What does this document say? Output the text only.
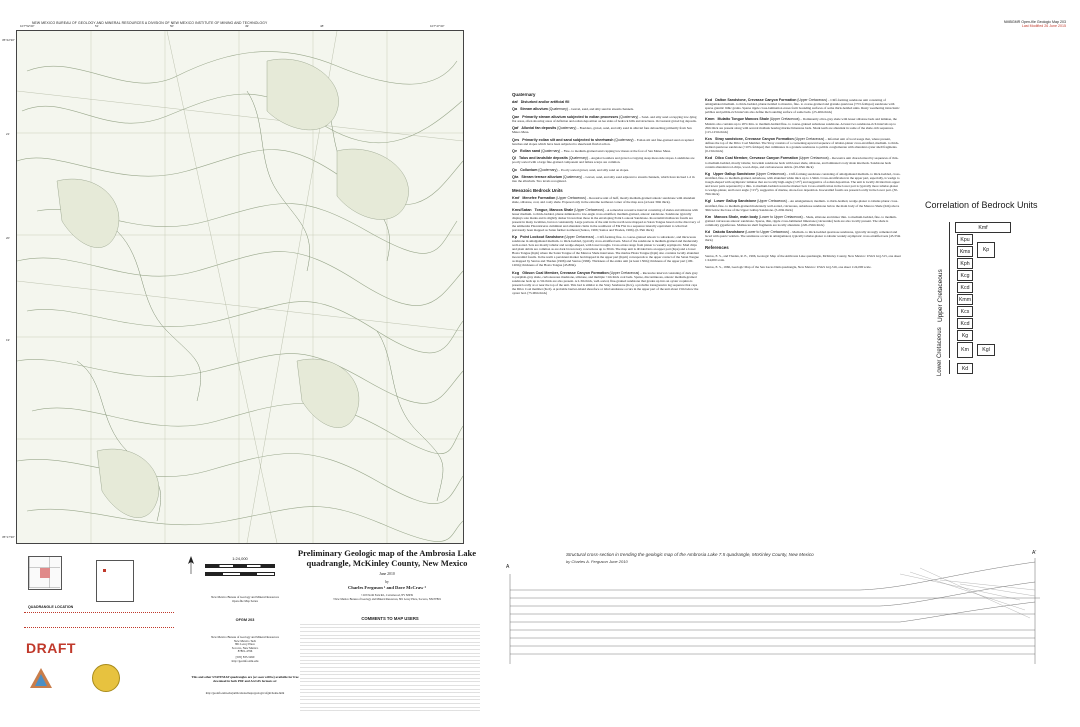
NEW MEXICO BUREAU OF GEOLOGY AND MINERAL RESOURCES A DIVISION OF NEW MEXICO INSTITUTE OF MINING AND TECHNOLOGY	NMBGMR Open-file Geologic Map 203
Last Modified 26 June 2015
107°52'30"	51'	50'	49'	48'	107°47'30"
35°22'30"
21'
20'
19'
35°17'30"
QUADRANGLE LOCATION
1:24,000
DRAFT
Preliminary Geologic map of the Ambrosia Lake
quadrangle, McKinley County, New Mexico
June 2010
by
Charles Ferguson ¹ and Dave McCraw ²
¹ 218 North Fork Rd., Cottonwood, NV 82939
² New Mexico Bureau of Geology and Mineral Resources, 801 Leroy Place, Socorro, NM 87801
New Mexico Bureau of Geology and Mineral Resources
Open-file Map Series
OFGM 203
New Mexico Bureau of Geology and Mineral Resources
New Mexico Tech
801 Leroy Place
Socorro, New Mexico
87801-4796
[505] 835-5490
http://geoinfo.nmt.edu
This and other STATEMAP quadrangles are (or soon will be) available for free download in both PDF and ArcGIS formats at:
http://geoinfo.nmt.edu/publications/maps/geologic/ofgm/home.html
COMMENTS TO MAP USERS
Quaternary
daf Disturbed and/or artificial fill
Qa Stream alluvium (Quaternary) – Gravel, sand, and silty sand in stream channels.
Qae Primarily stream alluvium subjected to eolian processes (Quaternary) – Sand- and silty sand occupying low-lying flat areas, often showing areas of deflation and eolian deposition on lee sides of bedrock hills and structures. Occasional gravel lag deposits.
Qaf Alluvial fan deposits (Quaternary) – Boulders, gravel, sand, and silty sand in alluvial fans debouching primarily from San Mateo Mesa.
Qes Primarily eolian silt and sand subjected to sheetwash (Quaternary) – Eolian silt and fine-grained sand on upland benches and slopes which have been subjected to sheetwash fluvial action.
Qe Eolian sand (Quaternary) – Fine- to medium-grained sand capping low mesas at the foot of San Mateo Mesa.
Ql Talus and landslide deposits (Quaternary) – Angular boulders and gravel occupying steep mesa side slopes. Landslides are poorly sorted with a large fine-grained component and failure scarps are common.
Qc Colluvium (Quaternary) – Poorly sorted gravel, sand, and silty sand on slopes.
Qta Stream terrace alluvium (Quaternary) – Gravel, sand, and silty sand adjacent to stream channels, which have incised 1-2 m into the alluvium. Two levels recognized.
Mesozoic Bedrock Units
Kmf Menefee Formation (Upper Cretaceous) – Recessive unit of buff, mostly medium-grained arkosic sandstone with abundant shale, siltstone, coal, and coaly shale. Exposed only in the extreme northeast corner of the map area (at least 30m thick).
Kms/Satan Tongue, Mancos Shale (Upper Cretaceous) – A somewhat recessive interval consisting of shales and siltstone with lesser medium- to thick-bedded, planar-laminated to low-angle cross-stratified, medium-grained, arkosic sandstone. Sandstone typically displays sole marks and is slightly darker brown than those in the enveloping Point Lookout Sandstone. Inoceramid molluscan fossils are present in many localities, but not consistently. Large portions of the unit in the north were mapped as Satan Tongue based on the discovery of the ammonite Placenticeras cumminsi and abundant clams in the southwest of Elk Flat in a sequence laterally equivalent to what had previously been mapped as Satan further northeast (Santos, 1966; Santos and Thaden, 1966). (0-35m thick)
Kp Point Lookout Sandstone (Upper Cretaceous) – Cliff-forming fine- to coarse-grained arkosic to subarkosic, and micaceous sandstone in amalgamated medium- to thick-bedded, typically cross-stratified sets. Most of the sandstone is medium-grained and moderately well-sorted. Sets are mostly tabular and wedge-shaped, with lower troughs. Cross-strata range from planar to weakly asymptotic. Mud chips and plant debris are common as are dark brown rusty concretions up to 30cm. The map unit is divided into an upper part (Kpu) and a lower Hosta Tongue (Kph) where the Satan Tongue of the Mancos Shale intervenes. The marine Hosta Tongue (Kph) also contains locally abundant inoceramid fossils. In the north a persistent marker bed mapped in the upper part (Kpm) corresponds to the upper contact of the Satan Tongue as mapped by Santos and Thaden (1966) and Santos (1966). Thickness of the entire unit (at least 150m); thickness of the upper part (100-120m); thickness of the Hosta Tongue (45-80m).
Kcg Gibson Coal Member, Crevasse Canyon Formation (Upper Cretaceous) – Recessive interval consisting of dark gray to purplish-gray shale, carbonaceous mudstone, siltstone, and multiple <1m thick coal beds. Sparse, discontinuous, arkosic medium-grained sandstone beds up to 5m thick are also present. A 2-3m thick, well-sorted, fine-grained sandstone that grades up into an oyster coquina is present locally at or near the top of the unit. This bed is similar to the Stray Sandstone (Kcs), a probable transgressive lag sequence that caps the Dilco Coal member (Kcd). A probable barrier-island shoreface or tidal sandstone occurs in the upper part of the unit about 15m below the oyster bed. (75-90m thick)
Kcd Dalton Sandstone, Crevasse Canyon Formation (Upper Cretaceous) – Cliff-forming sandstone unit consisting of amalgamated medium- to thick-bedded, planar-bedded to massive, fine- to coarse-grained and granule quartzose (±5% feldspar) sandstone with sparse granitic lithic grains. Sparse ripple cross-lamination zones form bounding surfaces of some thick-bedded units. Rusty weathering intraclastic pebbles and pebble-rich intervals also define the bounding surface of some beds. (25-40m thick)
Kmm Mulatto Tongue Mancos Shale (Upper Cretaceous) – Dominantly olive-gray shale with lesser siltstone beds and laminae, the Mulatto also contains up to 20% thin- to medium-bedded fine- to coarse-grained subarkose sandstone. At least two sandstone-rich intervals up to 20m thick are present along with several mollusk bearing marine limestone beds. Shark teeth are abundant in some of the shale-rich sequences. (115-125m thick)
Kcs Stray sandstone, Crevasse Canyon Formation (Upper Cretaceous) – Informal unit of local usage that, where present, defines the top of the Dilco Coal Member. The Stray consists of a coarsening-upward sequence of tabular-planar cross-stratified, medium- to thick-bedded quartzose sandstone (<10% feldspar) that culminates in a granule sandstone to pebble conglomerate with abundant oyster shell fragments. (0-15m thick)
Kcd Dilco Coal Member, Crevasse Canyon Formation (Upper Cretaceous) – Recessive unit characterized by sequences of thin- to medium-bedded, mostly tabular, brownish sandstone beds with lesser shale, siltstone, and laminated coaly shale interbeds. Sandstone beds contain abundant rod-chips, wood-chips, and carbonaceous debris. (45-65m thick)
Kg Upper Gallup Sandstone (Upper Cretaceous) – Cliff-forming sandstone consisting of amalgamated medium- to thick-bedded, cross-stratified, fine- to medium-grained, subarkose, with abundant white mica up to 1.5mm. Cross-stratification in the upper part, especially, is wedge to trough-shaped with asymptotic laminae that are locally high-angle (>25°) and suggestive of eolian deposition. The unit is locally divided into upper and lower parts separated by a thin- to medium-bedded recessive marker bed. Cross-stratification in the lower part is typically more tabular-planar to wedge-planar, and lower angle (<15°), suggestive of marine, shore-face deposition. Inoceramid fossils are present locally in the lower part. (30-70m thick)
Kgl Lower Gallup Sandstone (Upper Cretaceous) – An amalgamated, medium- to thick-bedded, wedge-planar to tabular-planar cross-stratified, fine- to medium-grained moderately well-sorted, calcareous, subarkose sandstone below the main body of the Mancos Shale (Km) above 30m below the base of the Upper Gallup Sandstone. (5-20m thick)
Km Mancos Shale, main body (Lower to Upper Cretaceous) – Shale, siltstone and minor thin- to medium-bedded, fine- to medium-grained calcareous arkosic sandstone. Sparse, thin, ripple cross-laminated limestone (calcarenite) beds are also locally present. The shale is commonly gypsiferous. Molluscan shell fragments are locally abundant. (220-250m thick)
Kd Dakota Sandstone (Lower to Upper Cretaceous) – Medium- to thick-bedded quartzose sandstone, typically strongly cemented and laced with quartz veinlets. The sandstone occurs in amalgamated, typically tabular-planar to tabular weakly asymptotic cross-stratified sets (45-55m thick)
References
Santos, E. S., and Thaden, R. E., 1966, Geologic Map of the Ambrosia Lake quadrangle, McKinley County, New Mexico: USGS GQ-515, one sheet 1:24,000 scale.
Santos, E. S., 1966, Geologic Map of the San Lucas Dam quadrangle, New Mexico: USGS GQ-516, one sheet 1:24,000 scale.
Correlation of Bedrock Units
Kmf
Kpu
Kms
Kph
Kp
Kcg
Kcd
Kmm
Kcs
Kcd
Kg
Kgl
Km
Kd
Upper Cretaceous
Lower Cretaceous
Structural cross-section in trending the geologic map of the Ambrosia Lake 7.5 quadrangle, McKinley County, New Mexico
by Charles A. Ferguson June 2010
A
A'
